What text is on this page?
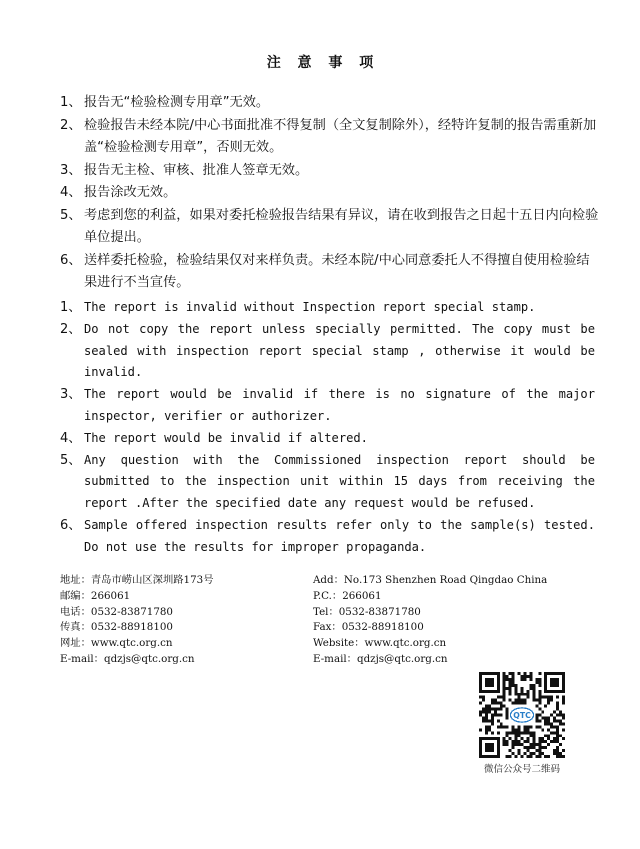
注 意 事 项
1、 报告无“检验检测专用章”无效。
2、 检验报告未经本院/中心书面批准不得复制（全文复制除外），经特许复制的报告需重新加盖“检验检测专用章”，否则无效。
3、 报告无主检、审核、批准人签章无效。
4、 报告涂改无效。
5、 考虑到您的利益，如果对委托检验报告结果有异议，请在收到报告之日起十五日内向检验单位提出。
6、 送样委托检验，检验结果仅对来样负责。未经本院/中心同意委托人不得擅自使用检验结果进行不当宣传。
1、 The report is invalid without Inspection report special stamp.
2、 Do not copy the report unless specially permitted. The copy must be sealed with inspection report special stamp , otherwise it would be invalid.
3、 The report would be invalid if there is no signature of the major inspector, verifier or authorizer.
4、 The report would be invalid if altered.
5、 Any question with the Commissioned inspection report should be submitted to the inspection unit within 15 days from receiving the report .After the specified date any request would be refused.
6、 Sample offered inspection results refer only to the sample(s) tested. Do not use the results for improper propaganda.
地址：青岛市崂山区深圳路173号
邮编：266061
电话：0532-83871780
传真：0532-88918100
网址：www.qtc.org.cn
E-mail：qdzjs@qtc.org.cn
Add：No.173 Shenzhen Road Qingdao China
P.C.：266061
Tel：0532-83871780
Fax：0532-88918100
Website：www.qtc.org.cn
E-mail：qdzjs@qtc.org.cn
QTC
微信公众号二维码
